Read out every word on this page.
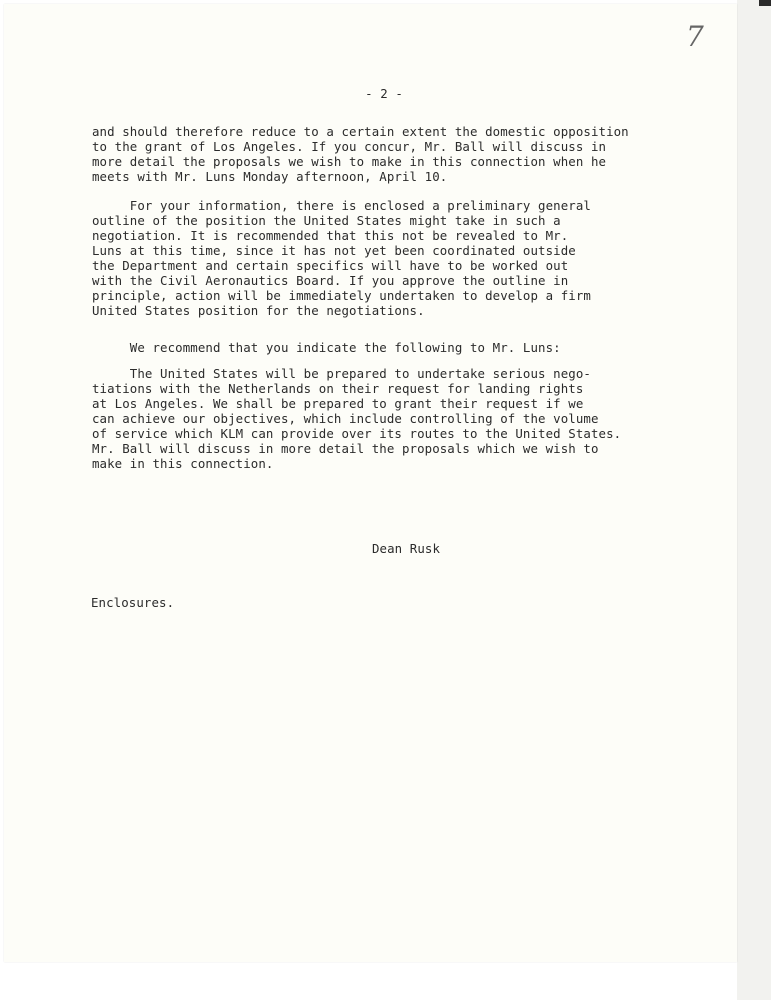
7
- 2 -
and should therefore reduce to a certain extent the domestic opposition
to the grant of Los Angeles. If you concur, Mr. Ball will discuss in
more detail the proposals we wish to make in this connection when he
meets with Mr. Luns Monday afternoon, April 10.
For your information, there is enclosed a preliminary general
outline of the position the United States might take in such a
negotiation. It is recommended that this not be revealed to Mr.
Luns at this time, since it has not yet been coordinated outside
the Department and certain specifics will have to be worked out
with the Civil Aeronautics Board. If you approve the outline in
principle, action will be immediately undertaken to develop a firm
United States position for the negotiations.
We recommend that you indicate the following to Mr. Luns:
The United States will be prepared to undertake serious nego-
tiations with the Netherlands on their request for landing rights
at Los Angeles. We shall be prepared to grant their request if we
can achieve our objectives, which include controlling of the volume
of service which KLM can provide over its routes to the United States.
Mr. Ball will discuss in more detail the proposals which we wish to
make in this connection.
Dean Rusk
Enclosures.
